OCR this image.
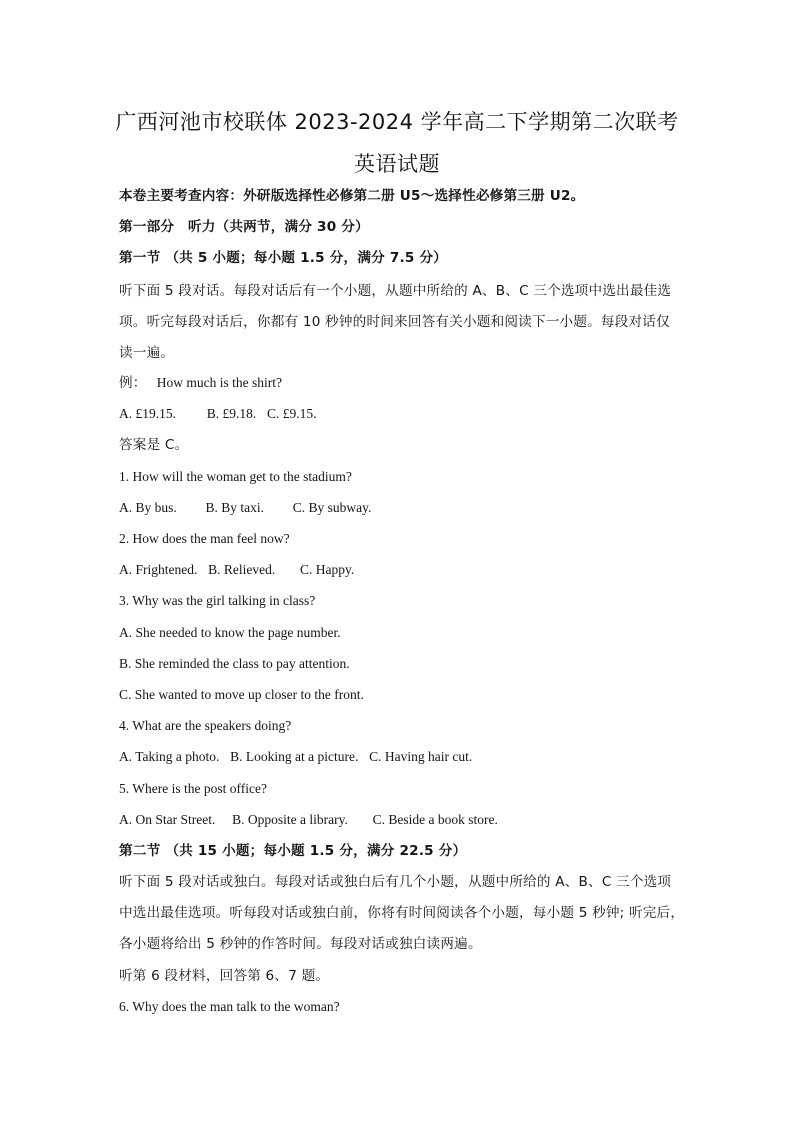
广西河池市校联体 2023-2024 学年高二下学期第二次联考
英语试题
本卷主要考查内容：外研版选择性必修第二册 U5～选择性必修第三册 U2。
第一部分　听力（共两节，满分 30 分）
第一节 （共 5 小题；每小题 1.5 分，满分 7.5 分）
听下面 5 段对话。每段对话后有一个小题，从题中所给的 A、B、C 三个选项中选出最佳选
项。听完每段对话后，你都有 10 秒钟的时间来回答有关小题和阅读下一小题。每段对话仅
读一遍。
例： How much is the shirt?
A. £19.15. B. £9.18. C. £9.15.
答案是 C。
1. How will the woman get to the stadium?
A. By bus. B. By taxi. C. By subway.
2. How does the man feel now?
A. Frightened. B. Relieved. C. Happy.
3. Why was the girl talking in class?
A. She needed to know the page number.
B. She reminded the class to pay attention.
C. She wanted to move up closer to the front.
4. What are the speakers doing?
A. Taking a photo. B. Looking at a picture. C. Having hair cut.
5. Where is the post office?
A. On Star Street. B. Opposite a library. C. Beside a book store.
第二节 （共 15 小题；每小题 1.5 分，满分 22.5 分）
听下面 5 段对话或独白。每段对话或独白后有几个小题，从题中所给的 A、B、C 三个选项
中选出最佳选项。听每段对话或独白前，你将有时间阅读各个小题，每小题 5 秒钟; 听完后，
各小题将给出 5 秒钟的作答时间。每段对话或独白读两遍。
听第 6 段材料，回答第 6、7 题。
6. Why does the man talk to the woman?
